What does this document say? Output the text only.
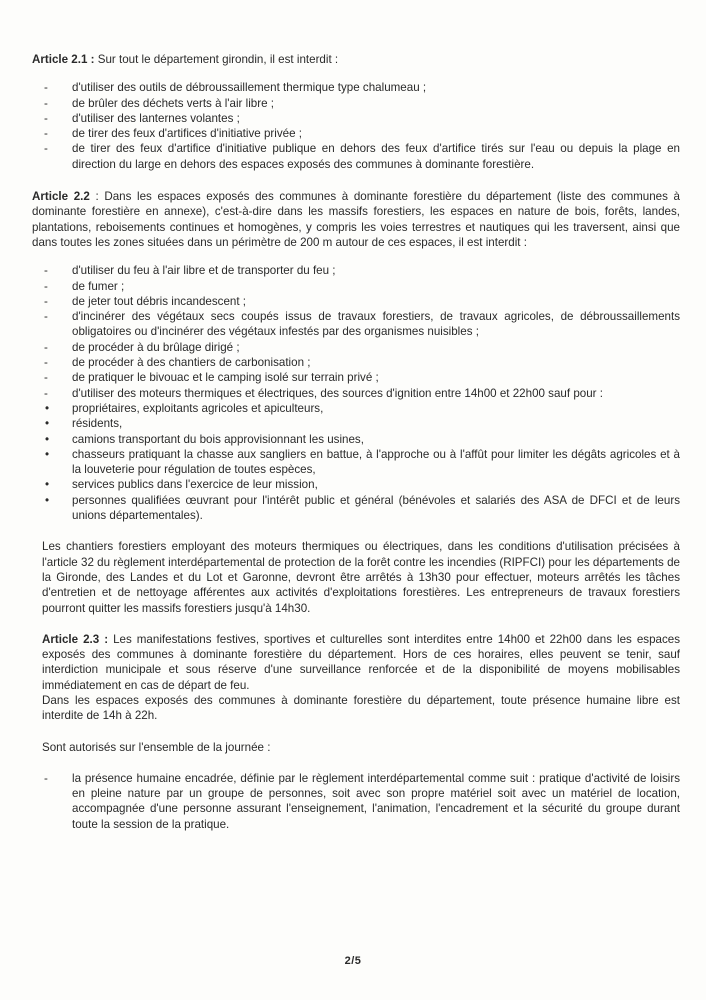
Article 2.1 : Sur tout le département girondin, il est interdit :

- d'utiliser des outils de débroussaillement thermique type chalumeau ;
- de brûler des déchets verts à l'air libre ;
- d'utiliser des lanternes volantes ;
- de tirer des feux d'artifices d'initiative privée ;
- de tirer des feux d'artifice d'initiative publique en dehors des feux d'artifice tirés sur l'eau ou depuis la plage en direction du large en dehors des espaces exposés des communes à dominante forestière.

Article 2.2 : Dans les espaces exposés des communes à dominante forestière du département (liste des communes à dominante forestière en annexe), c'est-à-dire dans les massifs forestiers, les espaces en nature de bois, forêts, landes, plantations, reboisements continues et homogènes, y compris les voies terrestres et nautiques qui les traversent, ainsi que dans toutes les zones situées dans un périmètre de 200 m autour de ces espaces, il est interdit :

- d'utiliser du feu à l'air libre et de transporter du feu ;
- de fumer ;
- de jeter tout débris incandescent ;
- d'incinérer des végétaux secs coupés issus de travaux forestiers, de travaux agricoles, de débroussaillements obligatoires ou d'incinérer des végétaux infestés par des organismes nuisibles ;
- de procéder à du brûlage dirigé ;
- de procéder à des chantiers de carbonisation ;
- de pratiquer le bivouac et le camping isolé sur terrain privé ;
- d'utiliser des moteurs thermiques et électriques, des sources d'ignition entre 14h00 et 22h00 sauf pour :
• propriétaires, exploitants agricoles et apiculteurs,
• résidents,
• camions transportant du bois approvisionnant les usines,
• chasseurs pratiquant la chasse aux sangliers en battue, à l'approche ou à l'affût pour limiter les dégâts agricoles et à la louveterie pour régulation de toutes espèces,
• services publics dans l'exercice de leur mission,
• personnes qualifiées œuvrant pour l'intérêt public et général (bénévoles et salariés des ASA de DFCI et de leurs unions départementales).

Les chantiers forestiers employant des moteurs thermiques ou électriques, dans les conditions d'utilisation précisées à l'article 32 du règlement interdépartemental de protection de la forêt contre les incendies (RIPFCI) pour les départements de la Gironde, des Landes et du Lot et Garonne, devront être arrêtés à 13h30 pour effectuer, moteurs arrêtés les tâches d'entretien et de nettoyage afférentes aux activités d'exploitations forestières. Les entrepreneurs de travaux forestiers pourront quitter les massifs forestiers jusqu'à 14h30.

Article 2.3 : Les manifestations festives, sportives et culturelles sont interdites entre 14h00 et 22h00 dans les espaces exposés des communes à dominante forestière du département. Hors de ces horaires, elles peuvent se tenir, sauf interdiction municipale et sous réserve d'une surveillance renforcée et de la disponibilité de moyens mobilisables immédiatement en cas de départ de feu.

Dans les espaces exposés des communes à dominante forestière du département, toute présence humaine libre est interdite de 14h à 22h.

Sont autorisés sur l'ensemble de la journée :

- la présence humaine encadrée, définie par le règlement interdépartemental comme suit : pratique d'activité de loisirs en pleine nature par un groupe de personnes, soit avec son propre matériel soit avec un matériel de location, accompagnée d'une personne assurant l'enseignement, l'animation, l'encadrement et la sécurité du groupe durant toute la session de la pratique.
2/5
